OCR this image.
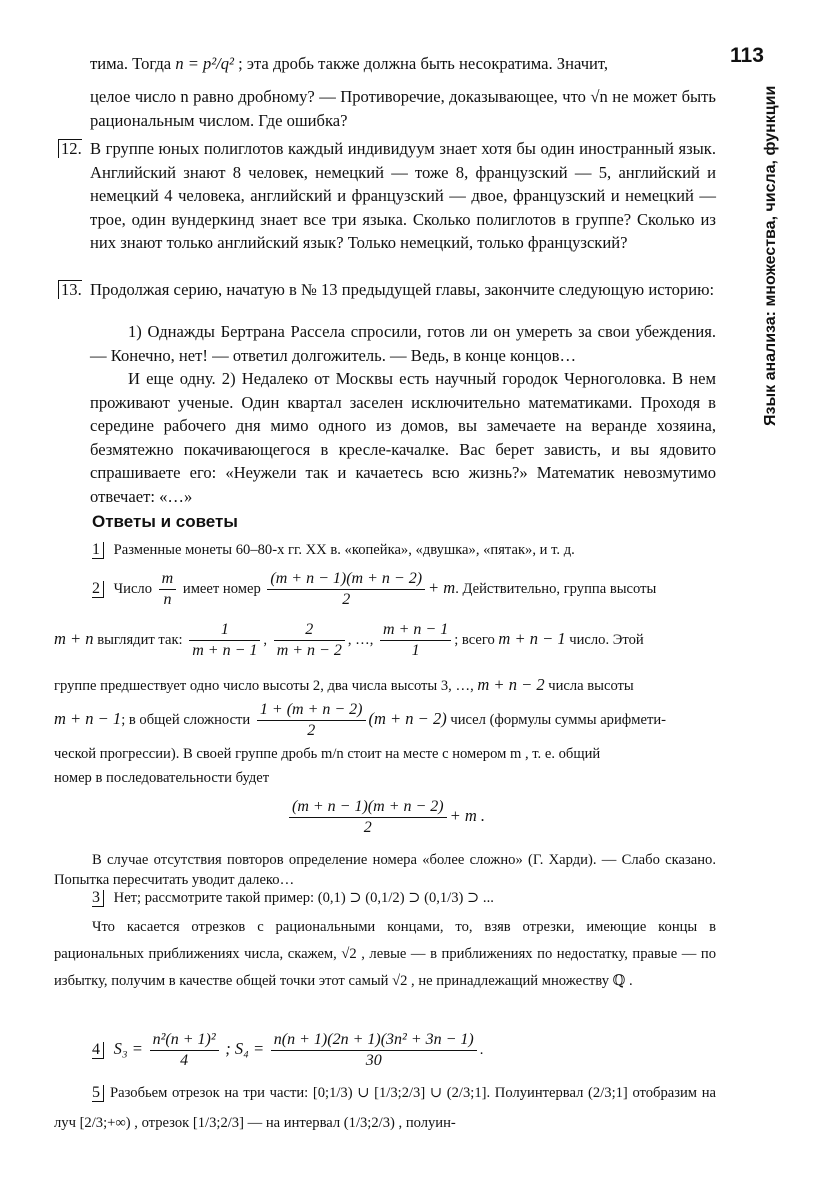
113
Язык анализа: множества, числа, функции

тима. Тогда n = p²/q² ; эта дробь также должна быть несократима. Значит,

целое число n равно дробному? — Противоречие, доказывающее, что √n не может быть рациональным числом. Где ошибка?

12. В группе юных полиглотов каждый индивидуум знает хотя бы один иностранный язык. Английский знают 8 человек, немецкий — тоже 8, французский — 5, английский и немецкий 4 человека, английский и французский — двое, французский и немецкий — трое, один вундеркинд знает все три языка. Сколько полиглотов в группе? Сколько из них знают только английский язык? Только немецкий, только французский?

13. Продолжая серию, начатую в № 13 предыдущей главы, закончите следующую историю:

1) Однажды Бертрана Рассела спросили, готов ли он умереть за свои убеждения. — Конечно, нет! — ответил долгожитель. — Ведь, в конце концов…

И еще одну. 2) Недалеко от Москвы есть научный городок Черноголовка. В нем проживают ученые. Один квартал заселен исключительно математиками. Проходя в середине рабочего дня мимо одного из домов, вы замечаете на веранде хозяина, безмятежно покачивающегося в кресле-качалке. Вас берет зависть, и вы ядовито спрашиваете его: «Неужели так и качаетесь всю жизнь?» Математик невозмутимо отвечает: «…»

Ответы и советы
1 Разменные монеты 60–80-х гг. XX в. «копейка», «двушка», «пятак», и т. д.
2 Число $\frac{m}{n}$ имеет номер $\frac{(m + n - 1)(m + n - 2)}{2} + m$. Действительно, группа высоты
m + n выглядит так: $\frac{1}{m + n - 1}$ , $\frac{2}{m + n - 2}$ , …, $\frac{m + n - 1}{1}$ ; всего m + n − 1 число. Этой
группе предшествует одно число высоты 2, два числа высоты 3, …, m + n − 2 числа высоты
m + n − 1; в общей сложности $\frac{1 + (m + n - 2)}{2} (m + n - 2)$ чисел (формулы суммы арифмети-
ческой прогрессии). В своей группе дробь m/n стоит на месте с номером m , т. е. общий
номер в последовательности будет
$\frac{(m + n - 1)(m + n - 2)}{2} + m$ .

В случае отсутствия повторов определение номера «более сложно» (Г. Харди). — Слабо сказано. Попытка пересчитать уводит далеко…

3 Нет; рассмотрите такой пример: (0,1) ⊃ (0,1/2) ⊃ (0,1/3) ⊃ ...

Что касается отрезков с рациональными концами, то, взяв отрезки, имеющие концы в рациональных приближениях числа, скажем, √2 , левые — в приближениях по недостатку, правые — по избытку, получим в качестве общей точки этот самый √2 , не принадлежащий множеству ℚ .

4 $S_3 = \frac{\text{n²(n + 1)²}}{4}$ ; $S_4 = \frac{\text{n(n + 1)(2n + 1)(3n² + 3n − 1)}}{30}$ .

5 Разобьем отрезок на три части: [0;1/3) ∪ [1/3;2/3] ∪ (2/3;1]. Полуинтервал (2/3;1] отобразим на луч [2/3;+∞) , отрезок [1/3;2/3] — на интервал (1/3;2/3) , полуин-
